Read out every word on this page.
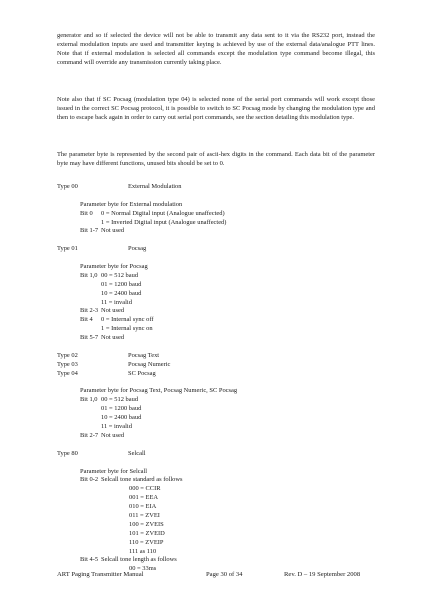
generator and so if selected the device will not be able to transmit any data sent to it via the RS232 port, instead the external modulation inputs are used and transmitter keying is achieved by use of the external data/analogue PTT lines. Note that if external modulation is selected all commands except the modulation type command become illegal, this command will override any transmission currently taking place.

Note also that if SC Pocsag (modulation type 04) is selected none of the serial port commands will work except those issued in the correct SC Pocsag protocol, it is possible to switch to SC Pocsag mode by changing the modulation type and then to escape back again in order to carry out serial port commands, see the section detailing this modulation type.

The parameter byte is represented by the second pair of ascii-hex digits in the command. Each data bit of the parameter byte may have different functions, unused bits should be set to 0.

Type 00	External Modulation
Parameter byte for External modulation
Bit 0 0 = Normal Digital input (Analogue unaffected)
1 = Inverted Digital input (Analogue unaffected)
Bit 1-7 Not used
Type 01	Pocsag
Parameter byte for Pocsag
Bit 1,0 00 = 512 baud
01 = 1200 baud
10 = 2400 baud
11 = invalid
Bit 2-3 Not used
Bit 4 0 = Internal sync off
1 = Internal sync on
Bit 5-7 Not used
Type 02	Pocsag Text
Type 03	Pocsag Numeric
Type 04	SC Pocsag
Parameter byte for Pocsag Text, Pocsag Numeric, SC Pocsag
Bit 1,0 00 = 512 baud
01 = 1200 baud
10 = 2400 baud
11 = invalid
Bit 2-7 Not used
Type 80	Selcall
Parameter byte for Selcall
Bit 0-2 Selcall tone standard as follows
000 = CCIR
001 = EEA
010 = EIA
011 = ZVEI
100 = ZVEIS
101 = ZVEID
110 = ZVEIP
111 as 110
Bit 4-5 Selcall tone length as follows
00 = 33ms
ART Paging Transmitter Manual	Page 30 of 34	Rev. D – 19 September 2008
